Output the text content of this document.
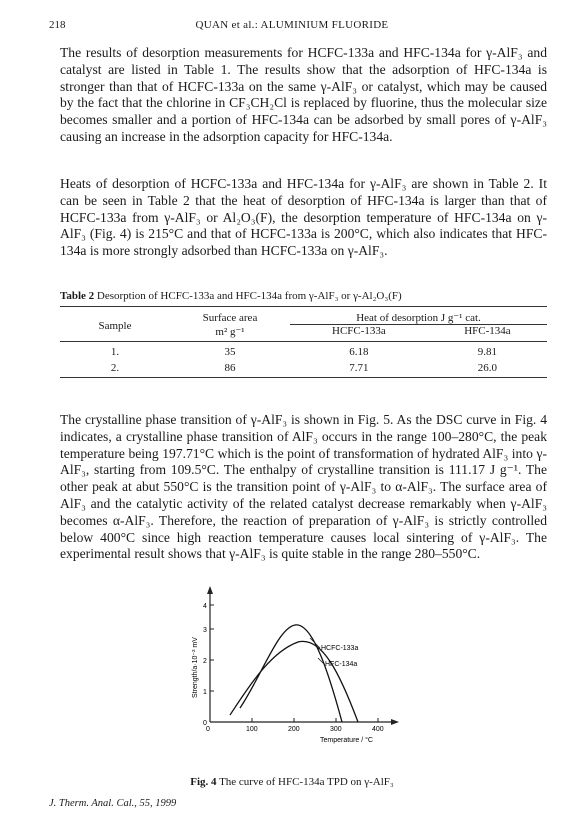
218	QUAN et al.: ALUMINIUM FLUORIDE

The results of desorption measurements for HCFC-133a and HFC-134a for γ-AlF₃ and catalyst are listed in Table 1. The results show that the adsorption of HFC-134a is stronger than that of HCFC-133a on the same γ-AlF₃ or catalyst, which may be caused by the fact that the chlorine in CF₃CH₂Cl is replaced by fluorine, thus the molecular size becomes smaller and a portion of HFC-134a can be adsorbed by small pores of γ-AlF₃ causing an increase in the adsorption capacity for HFC-134a.

Heats of desorption of HCFC-133a and HFC-134a for γ-AlF₃ are shown in Table 2. It can be seen in Table 2 that the heat of desorption of HFC-134a is larger than that of HCFC-133a from γ-AlF₃ or Al₂O₃(F), the desorption temperature of HFC-134a on γ-AlF₃ (Fig. 4) is 215°C and that of HCFC-133a is 200°C, which also indicates that HFC-134a is more strongly adsorbed than HCFC-133a on γ-AlF₃.

Table 2 Desorption of HCFC-133a and HFC-134a from γ-AlF₃ or γ-Al₂O₃(F)
Sample	Surface area	Heat of desorption J g⁻¹ cat.	
	m² g⁻¹	HCFC-133a	HFC-134a
1.	35	6.18	9.81
2.	86	7.71	26.0

The crystalline phase transition of γ-AlF₃ is shown in Fig. 5. As the DSC curve in Fig. 4 indicates, a crystalline phase transition of AlF₃ occurs in the range 100–280°C, the peak temperature being 197.71°C which is the point of transformation of hydrated AlF₃ into γ-AlF₃, starting from 109.5°C. The enthalpy of crystalline transition is 111.17 J g⁻¹. The other peak at abut 550°C is the transition point of γ-AlF₃ to α-AlF₃. The surface area of AlF₃ and the catalytic activity of the related catalyst decrease remarkably when γ-AlF₃ becomes α-AlF₃. Therefore, the reaction of preparation of γ-AlF₃ is strictly controlled below 400°C since high reaction temperature causes local sintering of γ-AlF₃. The experimental result shows that γ-AlF₃ is quite stable in the range 280–550°C.

0
1
2
3
4
0	100	200	300	400
HCFC-133a
HFC-134a
Temperature / °C
Strength/a·10⁻² mV
Fig. 4 The curve of HFC-134a TPD on γ-AlF₃
J. Therm. Anal. Cal., 55, 1999
